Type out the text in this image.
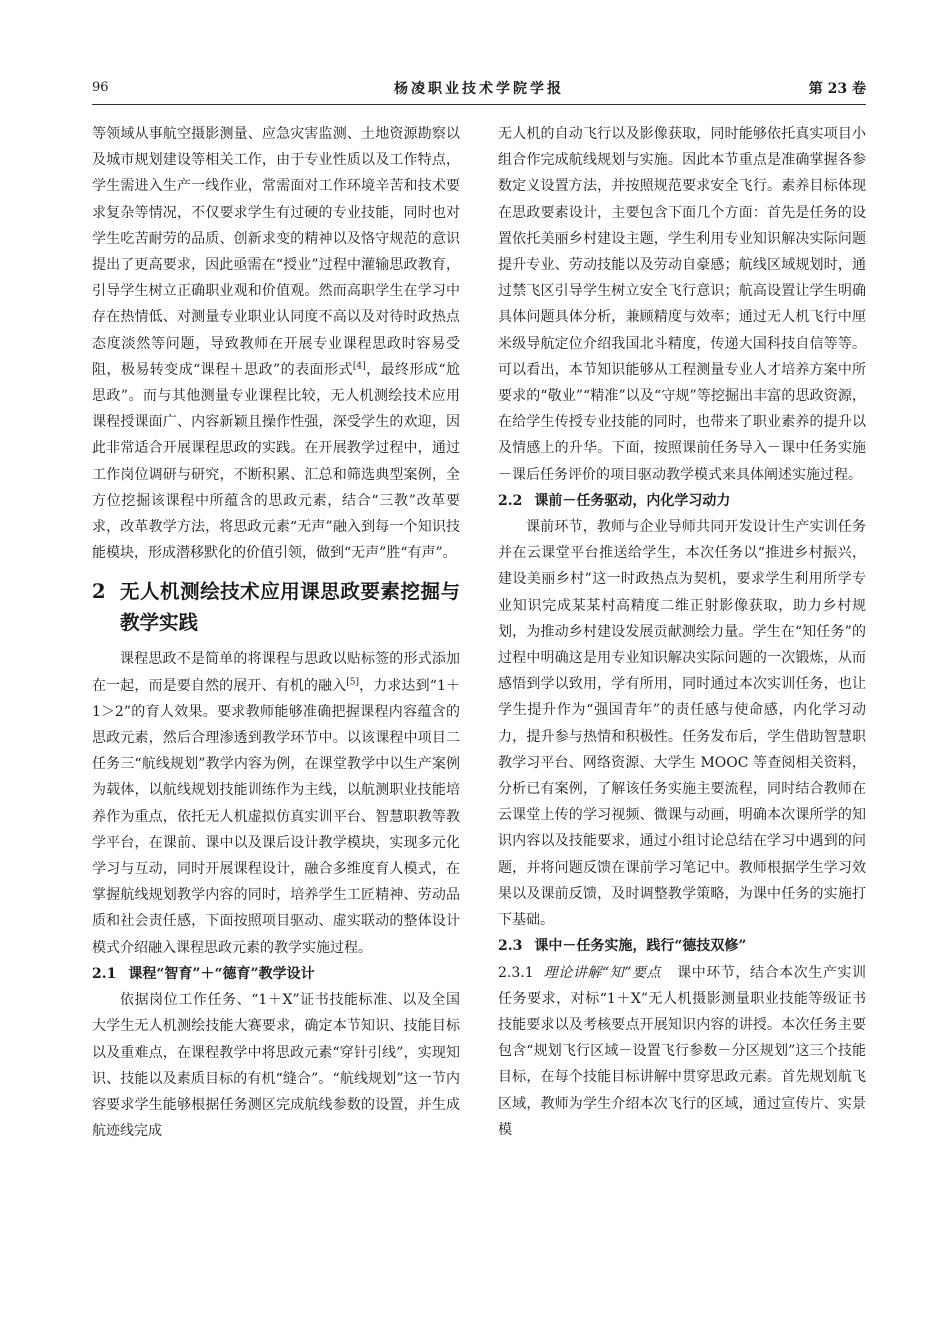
96	杨凌职业技术学院学报	第 23 卷

等领域从事航空摄影测量、应急灾害监测、土地资源勘察以及城市规划建设等相关工作，由于专业性质以及工作特点，学生需进入生产一线作业，常需面对工作环境辛苦和技术要求复杂等情况，不仅要求学生有过硬的专业技能，同时也对学生吃苦耐劳的品质、创新求变的精神以及恪守规范的意识提出了更高要求，因此亟需在“授业”过程中灌输思政教育，引导学生树立正确职业观和价值观。然而高职学生在学习中存在热情低、对测量专业职业认同度不高以及对待时政热点态度淡然等问题，导致教师在开展专业课程思政时容易受阻，极易转变成“课程＋思政”的表面形式[4]，最终形成“尬思政”。而与其他测量专业课程比较，无人机测绘技术应用课程授课面广、内容新颖且操作性强，深受学生的欢迎，因此非常适合开展课程思政的实践。在开展教学过程中，通过工作岗位调研与研究，不断积累、汇总和筛选典型案例，全方位挖掘该课程中所蕴含的思政元素，结合“三教”改革要求，改革教学方法，将思政元素“无声”融入到每一个知识技能模块，形成潜移默化的价值引领，做到“无声”胜“有声”。

2 无人机测绘技术应用课思政要素挖掘与教学实践

课程思政不是简单的将课程与思政以贴标签的形式添加在一起，而是要自然的展开、有机的融入[5]，力求达到“1＋1＞2”的育人效果。要求教师能够准确把握课程内容蕴含的思政元素，然后合理渗透到教学环节中。以该课程中项目二任务三“航线规划”教学内容为例，在课堂教学中以生产案例为载体，以航线规划技能训练作为主线，以航测职业技能培养作为重点，依托无人机虚拟仿真实训平台、智慧职教等教学平台，在课前、课中以及课后设计教学模块，实现多元化学习与互动，同时开展课程设计，融合多维度育人模式，在掌握航线规划教学内容的同时，培养学生工匠精神、劳动品质和社会责任感，下面按照项目驱动、虚实联动的整体设计模式介绍融入课程思政元素的教学实施过程。

2.1 课程“智育”＋“德育”教学设计

依据岗位工作任务、“1＋X”证书技能标准、以及全国大学生无人机测绘技能大赛要求，确定本节知识、技能目标以及重难点，在课程教学中将思政元素“穿针引线”，实现知识、技能以及素质目标的有机“缝合”。“航线规划”这一节内容要求学生能够根据任务测区完成航线参数的设置，并生成航迹线完成

无人机的自动飞行以及影像获取，同时能够依托真实项目小组合作完成航线规划与实施。因此本节重点是准确掌握各参数定义设置方法，并按照规范要求安全飞行。素养目标体现在思政要素设计，主要包含下面几个方面：首先是任务的设置依托美丽乡村建设主题，学生利用专业知识解决实际问题提升专业、劳动技能以及劳动自豪感；航线区域规划时，通过禁飞区引导学生树立安全飞行意识；航高设置让学生明确具体问题具体分析，兼顾精度与效率；通过无人机飞行中厘米级导航定位介绍我国北斗精度，传递大国科技自信等等。可以看出，本节知识能够从工程测量专业人才培养方案中所要求的“敬业”“精准”以及“守规”等挖掘出丰富的思政资源，在给学生传授专业技能的同时，也带来了职业素养的提升以及情感上的升华。下面，按照课前任务导入－课中任务实施－课后任务评价的项目驱动教学模式来具体阐述实施过程。

2.2 课前－任务驱动，内化学习动力

课前环节，教师与企业导师共同开发设计生产实训任务并在云课堂平台推送给学生，本次任务以“推进乡村振兴，建设美丽乡村”这一时政热点为契机，要求学生利用所学专业知识完成某某村高精度二维正射影像获取，助力乡村规划，为推动乡村建设发展贡献测绘力量。学生在“知任务”的过程中明确这是用专业知识解决实际问题的一次锻炼，从而感悟到学以致用，学有所用，同时通过本次实训任务，也让学生提升作为“强国青年”的责任感与使命感，内化学习动力，提升参与热情和积极性。任务发布后，学生借助智慧职教学习平台、网络资源、大学生 MOOC 等查阅相关资料，分析已有案例，了解该任务实施主要流程，同时结合教师在云课堂上传的学习视频、微课与动画，明确本次课所学的知识内容以及技能要求，通过小组讨论总结在学习中遇到的问题，并将问题反馈在课前学习笔记中。教师根据学生学习效果以及课前反馈，及时调整教学策略，为课中任务的实施打下基础。

2.3 课中－任务实施，践行“德技双修”

2.3.1 理论讲解“知”要点 课中环节，结合本次生产实训任务要求，对标“1＋X”无人机摄影测量职业技能等级证书技能要求以及考核要点开展知识内容的讲授。本次任务主要包含“规划飞行区域－设置飞行参数－分区规划”这三个技能目标，在每个技能目标讲解中贯穿思政元素。首先规划航飞区域，教师为学生介绍本次飞行的区域，通过宣传片、实景模
